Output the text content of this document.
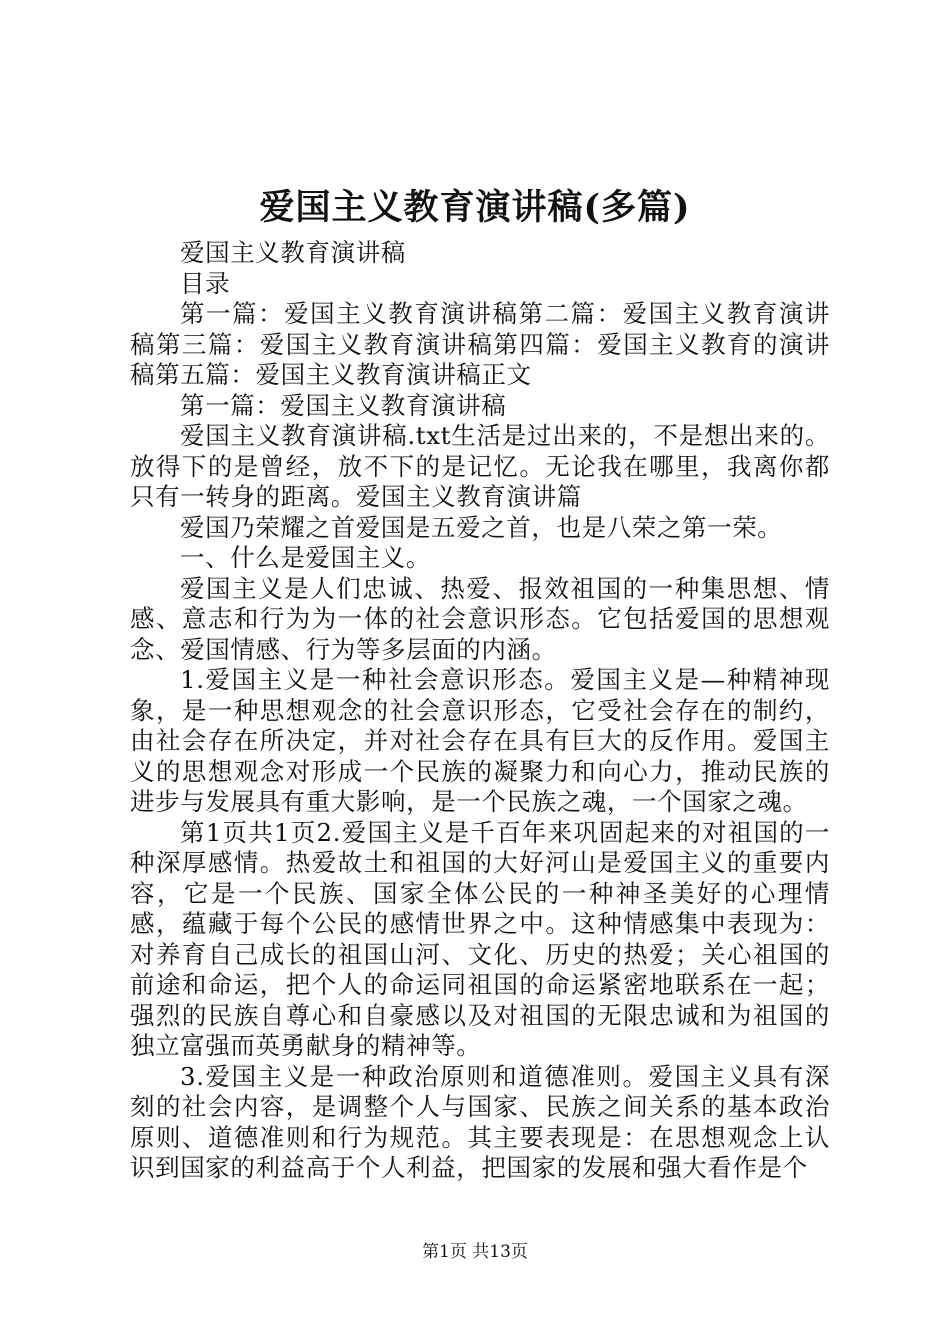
爱国主义教育演讲稿(多篇)

爱国主义教育演讲稿

目录

第一篇：爱国主义教育演讲稿第二篇：爱国主义教育演讲稿第三篇：爱国主义教育演讲稿第四篇：爱国主义教育的演讲稿第五篇：爱国主义教育演讲稿正文

第一篇：爱国主义教育演讲稿

爱国主义教育演讲稿.txt生活是过出来的，不是想出来的。放得下的是曾经，放不下的是记忆。无论我在哪里，我离你都只有一转身的距离。爱国主义教育演讲篇

爱国乃荣耀之首爱国是五爱之首，也是八荣之第一荣。

一、什么是爱国主义。

爱国主义是人们忠诚、热爱、报效祖国的一种集思想、情感、意志和行为为一体的社会意识形态。它包括爱国的思想观念、爱国情感、行为等多层面的内涵。

1.爱国主义是一种社会意识形态。爱国主义是—种精神现象，是一种思想观念的社会意识形态，它受社会存在的制约，由社会存在所决定，并对社会存在具有巨大的反作用。爱国主义的思想观念对形成一个民族的凝聚力和向心力，推动民族的进步与发展具有重大影响，是一个民族之魂，一个国家之魂。

第1页共1页2.爱国主义是千百年来巩固起来的对祖国的一种深厚感情。热爱故土和祖国的大好河山是爱国主义的重要内容，它是一个民族、国家全体公民的一种神圣美好的心理情感，蕴藏于每个公民的感情世界之中。这种情感集中表现为：对养育自己成长的祖国山河、文化、历史的热爱；关心祖国的前途和命运，把个人的命运同祖国的命运紧密地联系在一起；强烈的民族自尊心和自豪感以及对祖国的无限忠诚和为祖国的独立富强而英勇献身的精神等。

3.爱国主义是一种政治原则和道德准则。爱国主义具有深刻的社会内容，是调整个人与国家、民族之间关系的基本政治原则、道德准则和行为规范。其主要表现是：在思想观念上认识到国家的利益高于个人利益，把国家的发展和强大看作是个

第1页 共13页
